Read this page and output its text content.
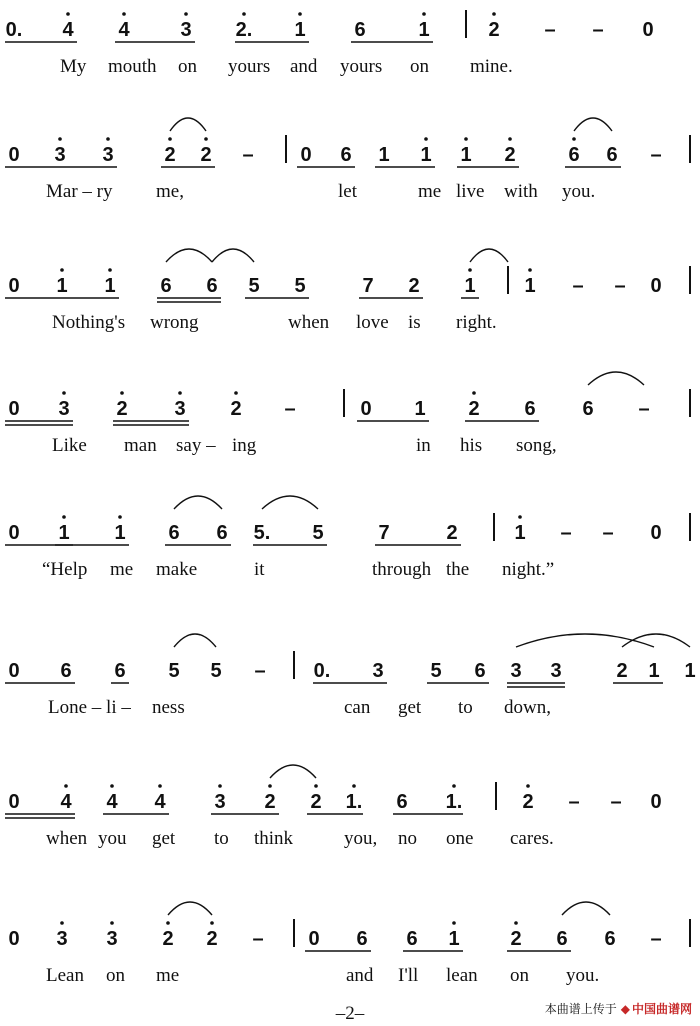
0. 4 4	3 2. 1 6	1	2 – – 0
My mouth on yours and yours on mine.
0 3 3	2 2 – 0 6 1 1 1 2	6 6 –
Mar – ry me,	let	me live with you.
0 1 1 6 6 5 5	7 2 1 1 – – 0
Nothing's wrong	when love is right.
0 3 2 3 2 –	0 1 2 6 6 –
Like man say – ing	in his song,
0 1 1 6 6 5. 5	7	2	1 – – 0
“Help me make	it	through the night.”
0 6 6 5 5 – 0. 3 5 6 3 3	2 1 1
Lone – li – ness	can get to down,
0 4 4 4 3 2 2 1. 6 1.	2 – – 0
when you get to think	you, no one cares.
0 3 3 2 2 – 0 6 6 1	2 6 6 –
Lean on me	and I'll lean on you.
–2–	本曲谱上传于 ◆ 中国曲谱网
